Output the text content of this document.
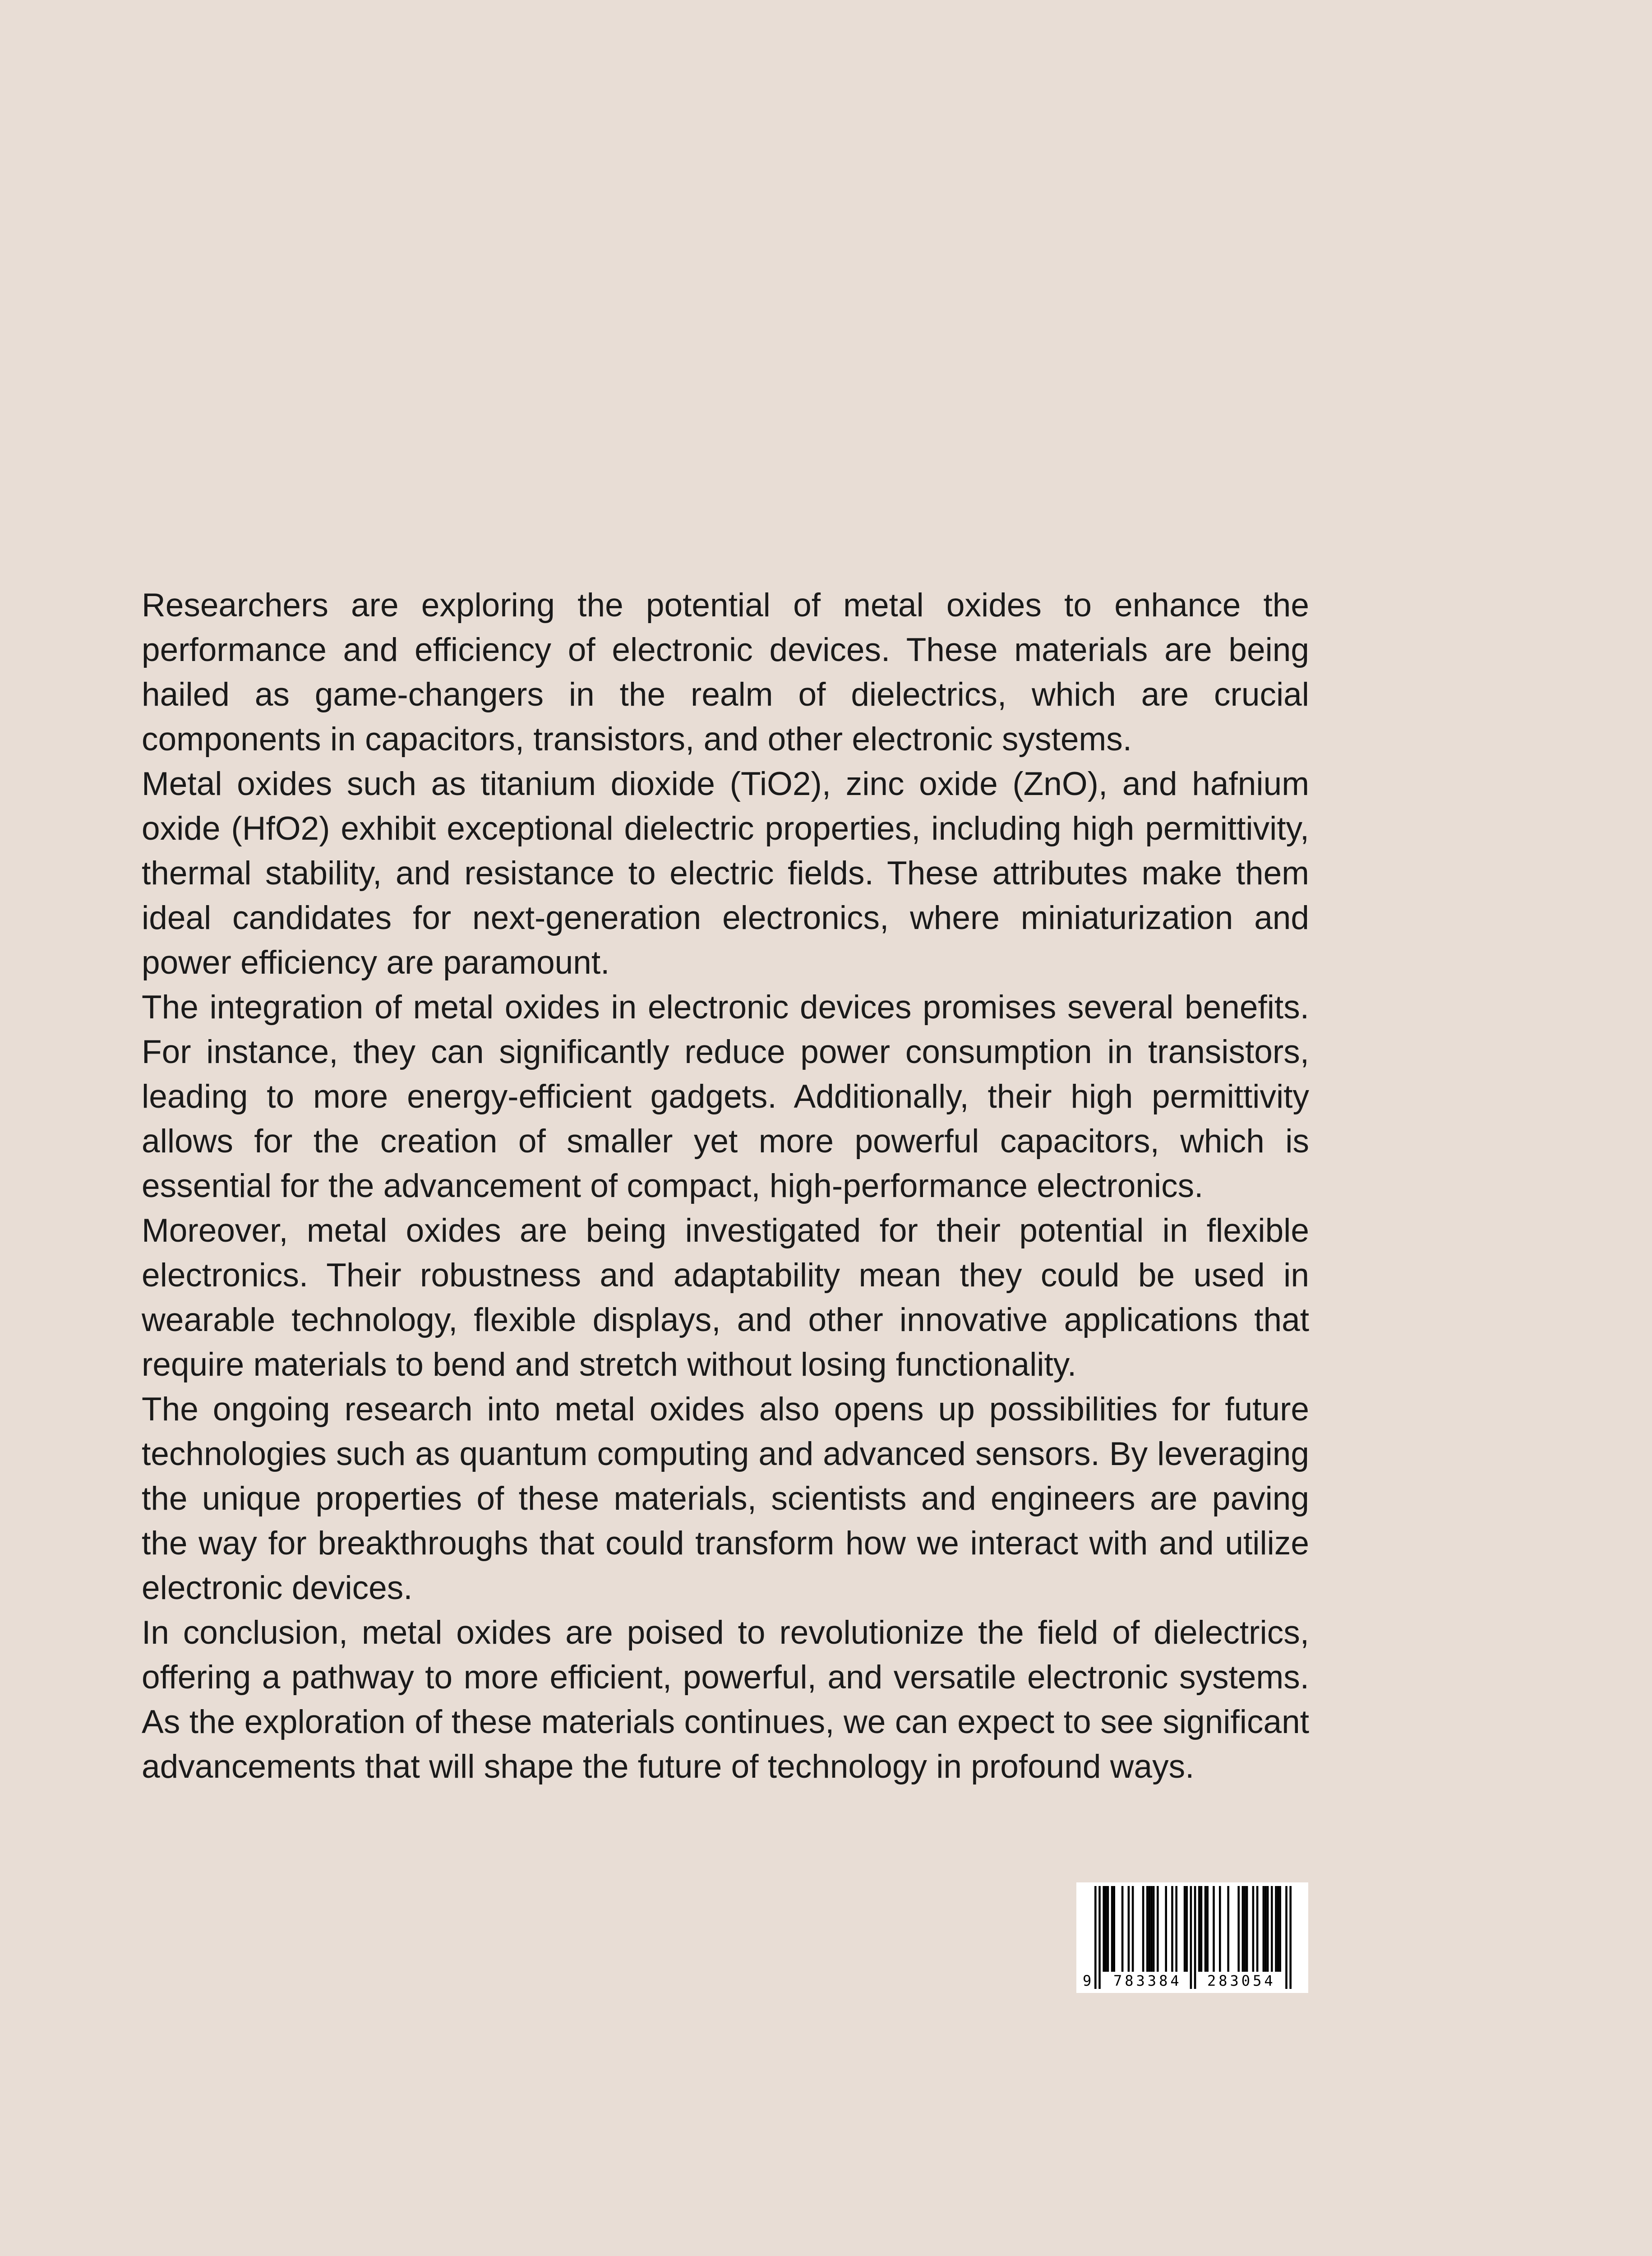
Researchers are exploring the potential of metal oxides to enhance the performance and efficiency of electronic devices. These materials are being hailed as game-changers in the realm of dielectrics, which are crucial components in capacitors, transistors, and other electronic systems.

Metal oxides such as titanium dioxide (TiO2), zinc oxide (ZnO), and hafnium oxide (HfO2) exhibit exceptional dielectric properties, including high permittivity, thermal stability, and resistance to electric fields. These attributes make them ideal candidates for next-generation electronics, where miniaturization and power efficiency are paramount.

The integration of metal oxides in electronic devices promises several benefits. For instance, they can significantly reduce power consumption in transistors, leading to more energy-efficient gadgets. Additionally, their high permittivity allows for the creation of smaller yet more powerful capacitors, which is essential for the advancement of compact, high-performance electronics.

Moreover, metal oxides are being investigated for their potential in flexible electronics. Their robustness and adaptability mean they could be used in wearable technology, flexible displays, and other innovative applications that require materials to bend and stretch without losing functionality.

The ongoing research into metal oxides also opens up possibilities for future technologies such as quantum computing and advanced sensors. By leveraging the unique properties of these materials, scientists and engineers are paving the way for breakthroughs that could transform how we interact with and utilize electronic devices.

In conclusion, metal oxides are poised to revolutionize the field of dielectrics, offering a pathway to more efficient, powerful, and versatile electronic systems. As the exploration of these materials continues, we can expect to see significant advancements that will shape the future of technology in profound ways.

9 783384 283054
